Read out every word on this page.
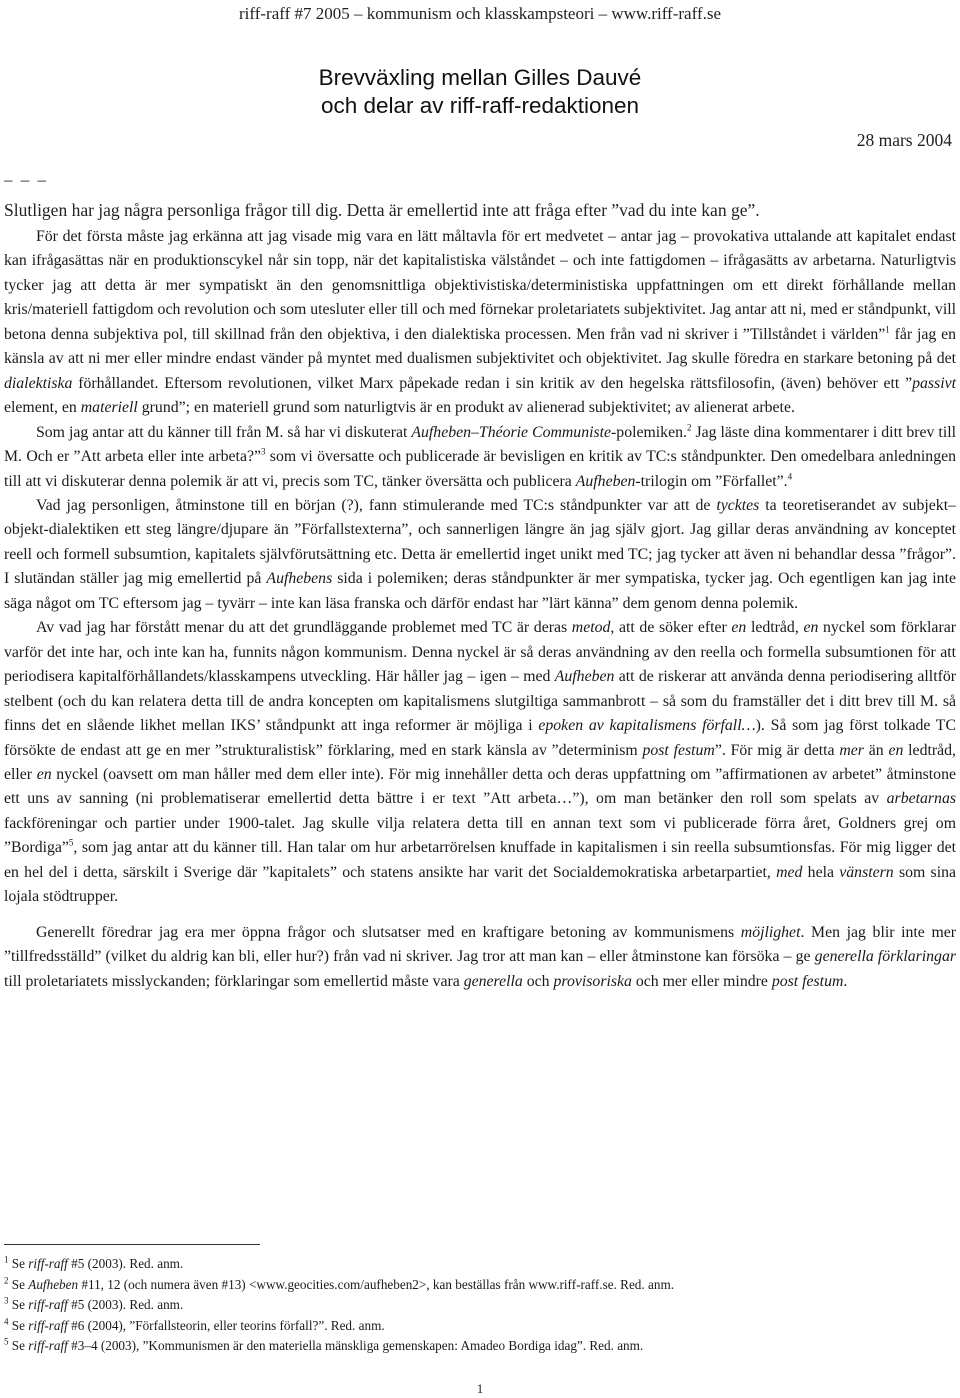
riff-raff #7 2005 – kommunism och klasskampsteori – www.riff-raff.se
Brevväxling mellan Gilles Dauvé
och delar av riff-raff-redaktionen
28 mars 2004
– – –
Slutligen har jag några personliga frågor till dig. Detta är emellertid inte att fråga efter ”vad du inte kan ge”.

För det första måste jag erkänna att jag visade mig vara en lätt måltavla för ert medvetet – antar jag – provokativa uttalande att kapitalet endast kan ifrågasättas när en produktionscykel når sin topp, när det kapitalistiska välståndet – och inte fattigdomen – ifrågasätts av arbetarna. Naturligtvis tycker jag att detta är mer sympatiskt än den genomsnittliga objektivistiska/deterministiska uppfattningen om ett direkt förhållande mellan kris/materiell fattigdom och revolution och som utesluter eller till och med förnekar proletariatets subjektivitet. Jag antar att ni, med er ståndpunkt, vill betona denna subjektiva pol, till skillnad från den objektiva, i den dialektiska processen. Men från vad ni skriver i ”Tillståndet i världen”$^1$ får jag en känsla av att ni mer eller mindre endast vänder på myntet med dualismen subjektivitet och objektivitet. Jag skulle föredra en starkare betoning på det dialektiska förhållandet. Eftersom revolutionen, vilket Marx påpekade redan i sin kritik av den hegelska rättsfilosofin, (även) behöver ett ”passivt element, en materiell grund”; en materiell grund som naturligtvis är en produkt av alienerad subjektivitet; av alienerat arbete.

Som jag antar att du känner till från M. så har vi diskuterat Aufheben–Théorie Communiste-polemiken.$^2$ Jag läste dina kommentarer i ditt brev till M. Och er ”Att arbeta eller inte arbeta?”$^3$ som vi översatte och publicerade är bevisligen en kritik av TC:s ståndpunkter. Den omedelbara anledningen till att vi diskuterar denna polemik är att vi, precis som TC, tänker översätta och publicera Aufheben-trilogin om ”Förfallet”.$^4$

Vad jag personligen, åtminstone till en början (?), fann stimulerande med TC:s ståndpunkter var att de tycktes ta teoretiserandet av subjekt–objekt-dialektiken ett steg längre/djupare än ”Förfallstexterna”, och sannerligen längre än jag själv gjort. Jag gillar deras användning av konceptet reell och formell subsumtion, kapitalets självförutsättning etc. Detta är emellertid inget unikt med TC; jag tycker att även ni behandlar dessa ”frågor”. I slutändan ställer jag mig emellertid på Aufhebens sida i polemiken; deras ståndpunkter är mer sympatiska, tycker jag. Och egentligen kan jag inte säga något om TC eftersom jag – tyvärr – inte kan läsa franska och därför endast har ”lärt känna” dem genom denna polemik.

Av vad jag har förstått menar du att det grundläggande problemet med TC är deras metod, att de söker efter en ledtråd, en nyckel som förklarar varför det inte har, och inte kan ha, funnits någon kommunism. Denna nyckel är så deras användning av den reella och formella subsumtionen för att periodisera kapitalförhållandets/klasskampens utveckling. Här håller jag – igen – med Aufheben att de riskerar att använda denna periodisering alltför stelbent (och du kan relatera detta till de andra koncepten om kapitalismens slutgiltiga sammanbrott – så som du framställer det i ditt brev till M. så finns det en slående likhet mellan IKS’ ståndpunkt att inga reformer är möjliga i epoken av kapitalismens förfall…). Så som jag först tolkade TC försökte de endast att ge en mer ”strukturalistisk” förklaring, med en stark känsla av ”determinism post festum”. För mig är detta mer än en ledtråd, eller en nyckel (oavsett om man håller med dem eller inte). För mig innehåller detta och deras uppfattning om ”affirmationen av arbetet” åtminstone ett uns av sanning (ni problematiserar emellertid detta bättre i er text ”Att arbeta…”), om man betänker den roll som spelats av arbetarnas fackföreningar och partier under 1900-talet. Jag skulle vilja relatera detta till en annan text som vi publicerade förra året, Goldners grej om ”Bordiga”$^5$, som jag antar att du känner till. Han talar om hur arbetarrörelsen knuffade in kapitalismen i sin reella subsumtionsfas. För mig ligger det en hel del i detta, särskilt i Sverige där ”kapitalets” och statens ansikte har varit det Socialdemokratiska arbetarpartiet, med hela vänstern som sina lojala stödtrupper.

Generellt föredrar jag era mer öppna frågor och slutsatser med en kraftigare betoning av kommunismens möjlighet. Men jag blir inte mer ”tillfredsställd” (vilket du aldrig kan bli, eller hur?) från vad ni skriver. Jag tror att man kan – eller åtminstone kan försöka – ge generella förklaringar till proletariatets misslyckanden; förklaringar som emellertid måste vara generella och provisoriska och mer eller mindre post festum.

$^1$ Se riff-raff #5 (2003). Red. anm.
$^2$ Se Aufheben #11, 12 (och numera även #13) <www.geocities.com/aufheben2>, kan beställas från www.riff-raff.se. Red. anm.
$^3$ Se riff-raff #5 (2003). Red. anm.
$^4$ Se riff-raff #6 (2004), ”Förfallsteorin, eller teorins förfall?”. Red. anm.
$^5$ Se riff-raff #3–4 (2003), ”Kommunismen är den materiella mänskliga gemenskapen: Amadeo Bordiga idag”. Red. anm.
1
